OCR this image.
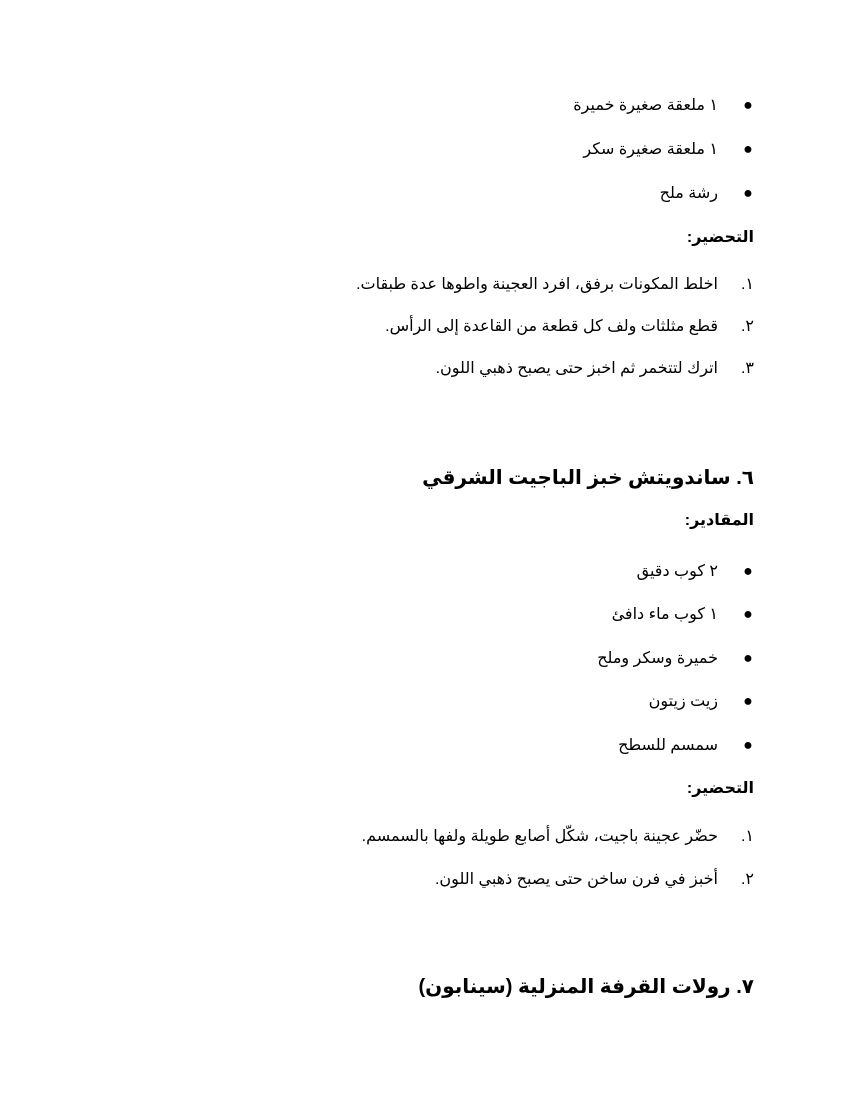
●
١ ملعقة صغيرة خميرة
●
١ ملعقة صغيرة سكر
●
رشة ملح
التحضير:
١.
اخلط المكونات برفق، افرد العجينة واطوها عدة طبقات.
٢.
قطع مثلثات ولف كل قطعة من القاعدة إلى الرأس.
٣.
اترك لتتخمر ثم اخبز حتى يصبح ذهبي اللون.
٦. ساندويتش خبز الباجيت الشرقي
المقادير:
●
٢ كوب دقيق
●
١ كوب ماء دافئ
●
خميرة وسكر وملح
●
زيت زيتون
●
سمسم للسطح
التحضير:
١.
حضّر عجينة باجيت، شكّل أصابع طويلة ولفها بالسمسم.
٢.
أخبز في فرن ساخن حتى يصبح ذهبي اللون.
٧. رولات القرفة المنزلية (سينابون)
